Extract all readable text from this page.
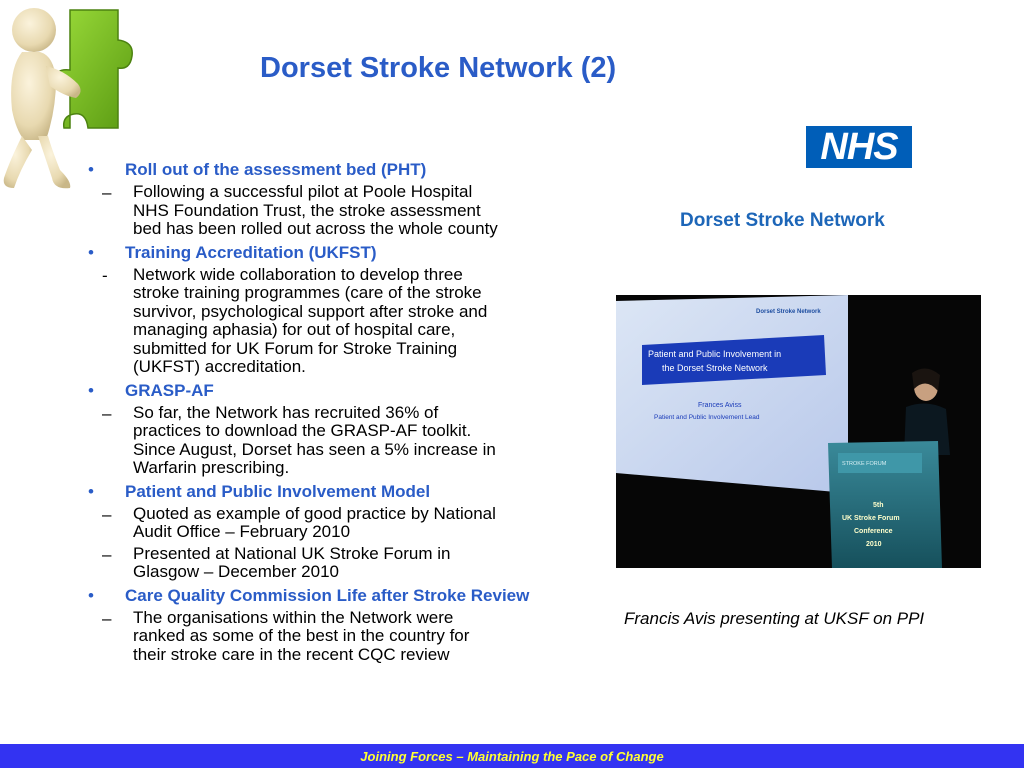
Dorset Stroke Network (2)
NHS
Dorset Stroke Network
•	Roll out of the assessment bed (PHT)
–	Following a successful pilot at Poole Hospital
NHS Foundation Trust, the stroke assessment
bed has been rolled out across the whole county
•	Training Accreditation (UKFST)
-	Network wide collaboration to develop three
stroke training programmes (care of the stroke
survivor, psychological support after stroke and
managing aphasia) for out of hospital care,
submitted for UK Forum for Stroke Training
(UKFST) accreditation.
•	GRASP-AF
–	So far, the Network has recruited 36% of
practices to download the GRASP-AF toolkit.
Since August, Dorset has seen a 5% increase in
Warfarin prescribing.
•	Patient and Public Involvement Model
–	Quoted as example of good practice by National
Audit Office – February 2010
–	Presented at National UK Stroke Forum in
Glasgow – December 2010
•	Care Quality Commission Life after Stroke Review
–	The organisations within the Network were
ranked as some of the best in the country for
their stroke care in the recent CQC review
Dorset Stroke Network
Patient and Public Involvement in
the Dorset Stroke Network
Frances Aviss
Patient and Public Involvement Lead
STROKE FORUM
5th
UK Stroke Forum
Conference
2010
Francis Avis presenting at UKSF on PPI
Joining Forces – Maintaining the Pace of Change
